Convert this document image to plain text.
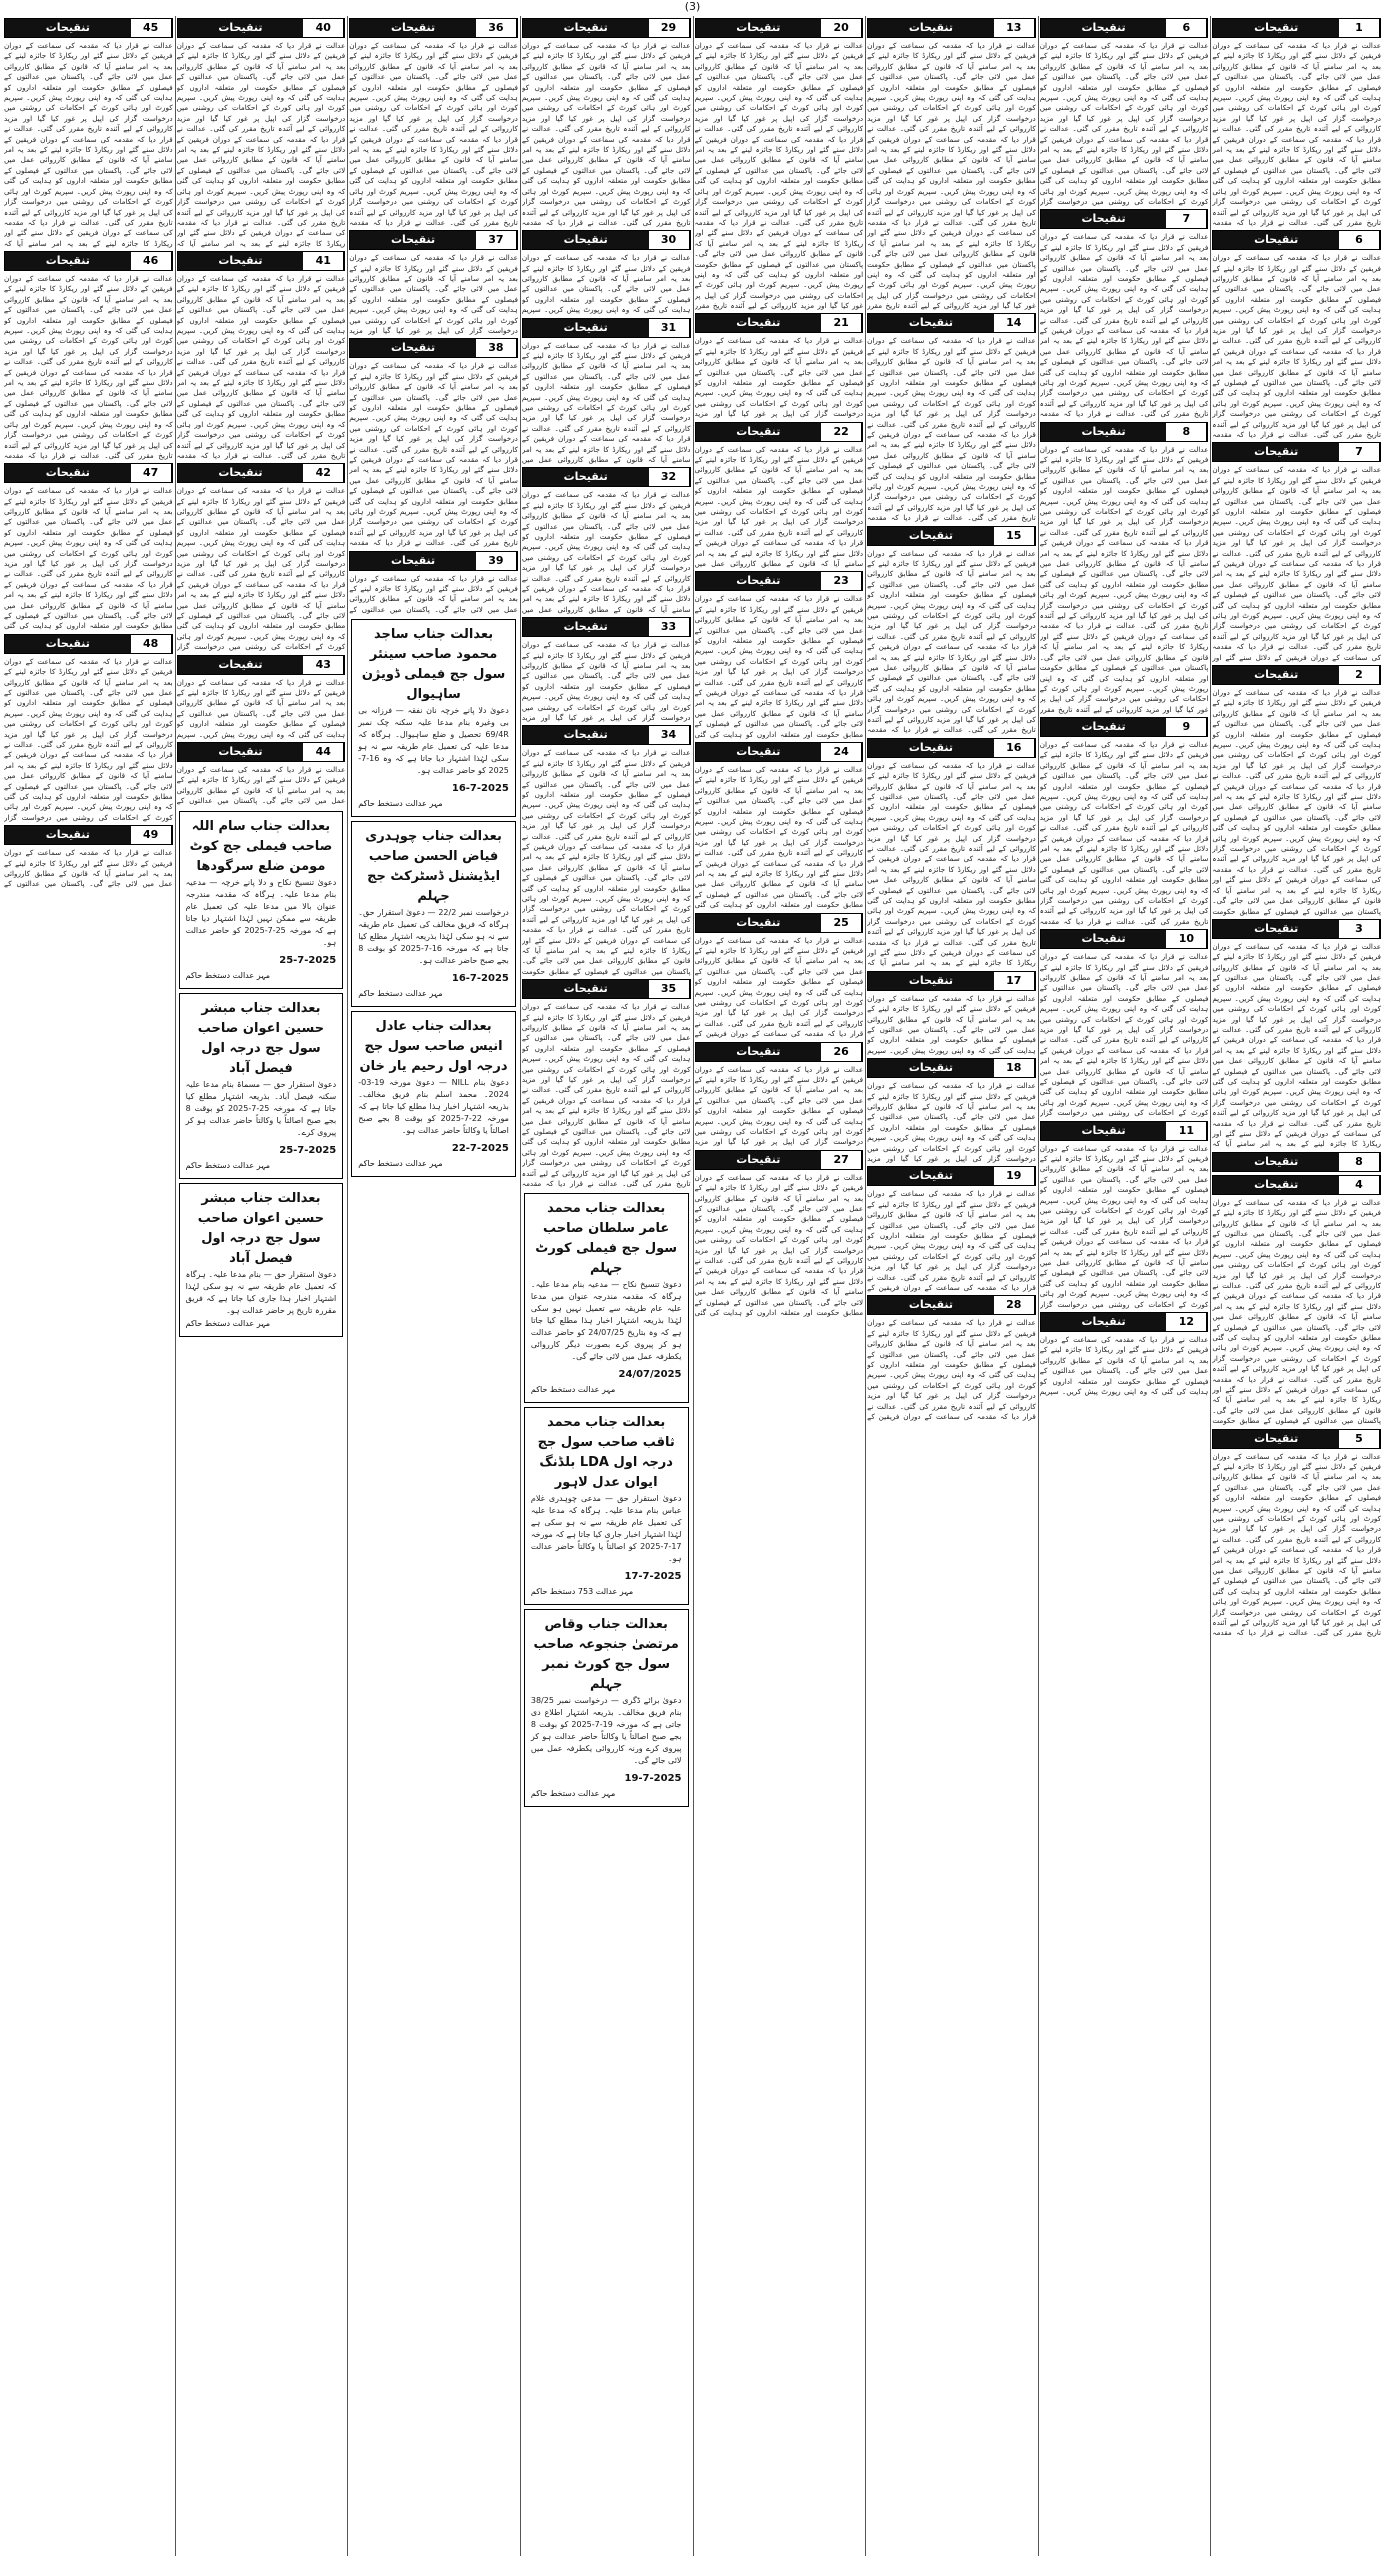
(3)
تنقیحات	1
عدالت نے قرار دیا کہ مقدمہ کی سماعت کے دوران فریقین کے دلائل سنے گئے اور ریکارڈ کا جائزہ لینے کے بعد یہ امر سامنے آیا کہ قانون کے مطابق کارروائی عمل میں لائی جائے گی۔ پاکستان میں عدالتوں کے فیصلوں کے مطابق حکومت اور متعلقہ اداروں کو ہدایت کی گئی کہ وہ اپنی رپورٹ پیش کریں۔ سپریم کورٹ اور ہائی کورٹ کے احکامات کی روشنی میں درخواست گزار کی اپیل پر غور کیا گیا اور مزید کارروائی کے لیے آئندہ تاریخ مقرر کی گئی۔ عدالت نے قرار دیا کہ مقدمہ کی سماعت کے دوران فریقین کے دلائل سنے گئے اور ریکارڈ کا جائزہ لینے کے بعد یہ امر سامنے آیا کہ قانون کے مطابق کارروائی عمل میں لائی جائے گی۔ پاکستان میں عدالتوں کے فیصلوں کے مطابق حکومت اور متعلقہ اداروں کو ہدایت کی گئی کہ وہ اپنی رپورٹ پیش کریں۔ سپریم کورٹ اور ہائی کورٹ کے احکامات کی روشنی میں درخواست گزار کی اپیل پر غور کیا گیا اور مزید کارروائی کے لیے آئندہ تاریخ مقرر کی گئی۔ عدالت نے قرار دیا کہ مقدمہ
تنقیحات	6
عدالت نے قرار دیا کہ مقدمہ کی سماعت کے دوران فریقین کے دلائل سنے گئے اور ریکارڈ کا جائزہ لینے کے بعد یہ امر سامنے آیا کہ قانون کے مطابق کارروائی عمل میں لائی جائے گی۔ پاکستان میں عدالتوں کے فیصلوں کے مطابق حکومت اور متعلقہ اداروں کو ہدایت کی گئی کہ وہ اپنی رپورٹ پیش کریں۔ سپریم کورٹ اور ہائی کورٹ کے احکامات کی روشنی میں درخواست گزار کی اپیل پر غور کیا گیا اور مزید کارروائی کے لیے آئندہ تاریخ مقرر کی گئی۔ عدالت نے قرار دیا کہ مقدمہ کی سماعت کے دوران فریقین کے دلائل سنے گئے اور ریکارڈ کا جائزہ لینے کے بعد یہ امر سامنے آیا کہ قانون کے مطابق کارروائی عمل میں لائی جائے گی۔ پاکستان میں عدالتوں کے فیصلوں کے مطابق حکومت اور متعلقہ اداروں کو ہدایت کی گئی کہ وہ اپنی رپورٹ پیش کریں۔ سپریم کورٹ اور ہائی کورٹ کے احکامات کی روشنی میں درخواست گزار کی اپیل پر غور کیا گیا اور مزید کارروائی کے لیے آئندہ تاریخ مقرر کی گئی۔ عدالت نے قرار دیا کہ مقدمہ
تنقیحات	7
عدالت نے قرار دیا کہ مقدمہ کی سماعت کے دوران فریقین کے دلائل سنے گئے اور ریکارڈ کا جائزہ لینے کے بعد یہ امر سامنے آیا کہ قانون کے مطابق کارروائی عمل میں لائی جائے گی۔ پاکستان میں عدالتوں کے فیصلوں کے مطابق حکومت اور متعلقہ اداروں کو ہدایت کی گئی کہ وہ اپنی رپورٹ پیش کریں۔ سپریم کورٹ اور ہائی کورٹ کے احکامات کی روشنی میں درخواست گزار کی اپیل پر غور کیا گیا اور مزید کارروائی کے لیے آئندہ تاریخ مقرر کی گئی۔ عدالت نے قرار دیا کہ مقدمہ کی سماعت کے دوران فریقین کے دلائل سنے گئے اور ریکارڈ کا جائزہ لینے کے بعد یہ امر سامنے آیا کہ قانون کے مطابق کارروائی عمل میں لائی جائے گی۔ پاکستان میں عدالتوں کے فیصلوں کے مطابق حکومت اور متعلقہ اداروں کو ہدایت کی گئی کہ وہ اپنی رپورٹ پیش کریں۔ سپریم کورٹ اور ہائی کورٹ کے احکامات کی روشنی میں درخواست گزار کی اپیل پر غور کیا گیا اور مزید کارروائی کے لیے آئندہ تاریخ مقرر کی گئی۔ عدالت نے قرار دیا کہ مقدمہ کی سماعت کے دوران فریقین کے دلائل سنے گئے اور
تنقیحات	2
عدالت نے قرار دیا کہ مقدمہ کی سماعت کے دوران فریقین کے دلائل سنے گئے اور ریکارڈ کا جائزہ لینے کے بعد یہ امر سامنے آیا کہ قانون کے مطابق کارروائی عمل میں لائی جائے گی۔ پاکستان میں عدالتوں کے فیصلوں کے مطابق حکومت اور متعلقہ اداروں کو ہدایت کی گئی کہ وہ اپنی رپورٹ پیش کریں۔ سپریم کورٹ اور ہائی کورٹ کے احکامات کی روشنی میں درخواست گزار کی اپیل پر غور کیا گیا اور مزید کارروائی کے لیے آئندہ تاریخ مقرر کی گئی۔ عدالت نے قرار دیا کہ مقدمہ کی سماعت کے دوران فریقین کے دلائل سنے گئے اور ریکارڈ کا جائزہ لینے کے بعد یہ امر سامنے آیا کہ قانون کے مطابق کارروائی عمل میں لائی جائے گی۔ پاکستان میں عدالتوں کے فیصلوں کے مطابق حکومت اور متعلقہ اداروں کو ہدایت کی گئی کہ وہ اپنی رپورٹ پیش کریں۔ سپریم کورٹ اور ہائی کورٹ کے احکامات کی روشنی میں درخواست گزار کی اپیل پر غور کیا گیا اور مزید کارروائی کے لیے آئندہ تاریخ مقرر کی گئی۔ عدالت نے قرار دیا کہ مقدمہ کی سماعت کے دوران فریقین کے دلائل سنے گئے اور ریکارڈ کا جائزہ لینے کے بعد یہ امر سامنے آیا کہ قانون کے مطابق کارروائی عمل میں لائی جائے گی۔ پاکستان میں عدالتوں کے فیصلوں کے مطابق حکومت
تنقیحات	3
عدالت نے قرار دیا کہ مقدمہ کی سماعت کے دوران فریقین کے دلائل سنے گئے اور ریکارڈ کا جائزہ لینے کے بعد یہ امر سامنے آیا کہ قانون کے مطابق کارروائی عمل میں لائی جائے گی۔ پاکستان میں عدالتوں کے فیصلوں کے مطابق حکومت اور متعلقہ اداروں کو ہدایت کی گئی کہ وہ اپنی رپورٹ پیش کریں۔ سپریم کورٹ اور ہائی کورٹ کے احکامات کی روشنی میں درخواست گزار کی اپیل پر غور کیا گیا اور مزید کارروائی کے لیے آئندہ تاریخ مقرر کی گئی۔ عدالت نے قرار دیا کہ مقدمہ کی سماعت کے دوران فریقین کے دلائل سنے گئے اور ریکارڈ کا جائزہ لینے کے بعد یہ امر سامنے آیا کہ قانون کے مطابق کارروائی عمل میں لائی جائے گی۔ پاکستان میں عدالتوں کے فیصلوں کے مطابق حکومت اور متعلقہ اداروں کو ہدایت کی گئی کہ وہ اپنی رپورٹ پیش کریں۔ سپریم کورٹ اور ہائی کورٹ کے احکامات کی روشنی میں درخواست گزار کی اپیل پر غور کیا گیا اور مزید کارروائی کے لیے آئندہ تاریخ مقرر کی گئی۔ عدالت نے قرار دیا کہ مقدمہ کی سماعت کے دوران فریقین کے دلائل سنے گئے اور ریکارڈ کا جائزہ لینے کے بعد یہ امر سامنے آیا کہ
تنقیحات	8
تنقیحات	4
عدالت نے قرار دیا کہ مقدمہ کی سماعت کے دوران فریقین کے دلائل سنے گئے اور ریکارڈ کا جائزہ لینے کے بعد یہ امر سامنے آیا کہ قانون کے مطابق کارروائی عمل میں لائی جائے گی۔ پاکستان میں عدالتوں کے فیصلوں کے مطابق حکومت اور متعلقہ اداروں کو ہدایت کی گئی کہ وہ اپنی رپورٹ پیش کریں۔ سپریم کورٹ اور ہائی کورٹ کے احکامات کی روشنی میں درخواست گزار کی اپیل پر غور کیا گیا اور مزید کارروائی کے لیے آئندہ تاریخ مقرر کی گئی۔ عدالت نے قرار دیا کہ مقدمہ کی سماعت کے دوران فریقین کے دلائل سنے گئے اور ریکارڈ کا جائزہ لینے کے بعد یہ امر سامنے آیا کہ قانون کے مطابق کارروائی عمل میں لائی جائے گی۔ پاکستان میں عدالتوں کے فیصلوں کے مطابق حکومت اور متعلقہ اداروں کو ہدایت کی گئی کہ وہ اپنی رپورٹ پیش کریں۔ سپریم کورٹ اور ہائی کورٹ کے احکامات کی روشنی میں درخواست گزار کی اپیل پر غور کیا گیا اور مزید کارروائی کے لیے آئندہ تاریخ مقرر کی گئی۔ عدالت نے قرار دیا کہ مقدمہ کی سماعت کے دوران فریقین کے دلائل سنے گئے اور ریکارڈ کا جائزہ لینے کے بعد یہ امر سامنے آیا کہ قانون کے مطابق کارروائی عمل میں لائی جائے گی۔ پاکستان میں عدالتوں کے فیصلوں کے مطابق حکومت
تنقیحات	5
عدالت نے قرار دیا کہ مقدمہ کی سماعت کے دوران فریقین کے دلائل سنے گئے اور ریکارڈ کا جائزہ لینے کے بعد یہ امر سامنے آیا کہ قانون کے مطابق کارروائی عمل میں لائی جائے گی۔ پاکستان میں عدالتوں کے فیصلوں کے مطابق حکومت اور متعلقہ اداروں کو ہدایت کی گئی کہ وہ اپنی رپورٹ پیش کریں۔ سپریم کورٹ اور ہائی کورٹ کے احکامات کی روشنی میں درخواست گزار کی اپیل پر غور کیا گیا اور مزید کارروائی کے لیے آئندہ تاریخ مقرر کی گئی۔ عدالت نے قرار دیا کہ مقدمہ کی سماعت کے دوران فریقین کے دلائل سنے گئے اور ریکارڈ کا جائزہ لینے کے بعد یہ امر سامنے آیا کہ قانون کے مطابق کارروائی عمل میں لائی جائے گی۔ پاکستان میں عدالتوں کے فیصلوں کے مطابق حکومت اور متعلقہ اداروں کو ہدایت کی گئی کہ وہ اپنی رپورٹ پیش کریں۔ سپریم کورٹ اور ہائی کورٹ کے احکامات کی روشنی میں درخواست گزار کی اپیل پر غور کیا گیا اور مزید کارروائی کے لیے آئندہ تاریخ مقرر کی گئی۔ عدالت نے قرار دیا کہ مقدمہ
تنقیحات	6
عدالت نے قرار دیا کہ مقدمہ کی سماعت کے دوران فریقین کے دلائل سنے گئے اور ریکارڈ کا جائزہ لینے کے بعد یہ امر سامنے آیا کہ قانون کے مطابق کارروائی عمل میں لائی جائے گی۔ پاکستان میں عدالتوں کے فیصلوں کے مطابق حکومت اور متعلقہ اداروں کو ہدایت کی گئی کہ وہ اپنی رپورٹ پیش کریں۔ سپریم کورٹ اور ہائی کورٹ کے احکامات کی روشنی میں درخواست گزار کی اپیل پر غور کیا گیا اور مزید کارروائی کے لیے آئندہ تاریخ مقرر کی گئی۔ عدالت نے قرار دیا کہ مقدمہ کی سماعت کے دوران فریقین کے دلائل سنے گئے اور ریکارڈ کا جائزہ لینے کے بعد یہ امر سامنے آیا کہ قانون کے مطابق کارروائی عمل میں لائی جائے گی۔ پاکستان میں عدالتوں کے فیصلوں کے مطابق حکومت اور متعلقہ اداروں کو ہدایت کی گئی کہ وہ اپنی رپورٹ پیش کریں۔ سپریم کورٹ اور ہائی کورٹ کے احکامات کی روشنی میں درخواست گزار
تنقیحات	7
عدالت نے قرار دیا کہ مقدمہ کی سماعت کے دوران فریقین کے دلائل سنے گئے اور ریکارڈ کا جائزہ لینے کے بعد یہ امر سامنے آیا کہ قانون کے مطابق کارروائی عمل میں لائی جائے گی۔ پاکستان میں عدالتوں کے فیصلوں کے مطابق حکومت اور متعلقہ اداروں کو ہدایت کی گئی کہ وہ اپنی رپورٹ پیش کریں۔ سپریم کورٹ اور ہائی کورٹ کے احکامات کی روشنی میں درخواست گزار کی اپیل پر غور کیا گیا اور مزید کارروائی کے لیے آئندہ تاریخ مقرر کی گئی۔ عدالت نے قرار دیا کہ مقدمہ کی سماعت کے دوران فریقین کے دلائل سنے گئے اور ریکارڈ کا جائزہ لینے کے بعد یہ امر سامنے آیا کہ قانون کے مطابق کارروائی عمل میں لائی جائے گی۔ پاکستان میں عدالتوں کے فیصلوں کے مطابق حکومت اور متعلقہ اداروں کو ہدایت کی گئی کہ وہ اپنی رپورٹ پیش کریں۔ سپریم کورٹ اور ہائی کورٹ کے احکامات کی روشنی میں درخواست گزار کی اپیل پر غور کیا گیا اور مزید کارروائی کے لیے آئندہ تاریخ مقرر کی گئی۔ عدالت نے قرار دیا کہ مقدمہ
تنقیحات	8
عدالت نے قرار دیا کہ مقدمہ کی سماعت کے دوران فریقین کے دلائل سنے گئے اور ریکارڈ کا جائزہ لینے کے بعد یہ امر سامنے آیا کہ قانون کے مطابق کارروائی عمل میں لائی جائے گی۔ پاکستان میں عدالتوں کے فیصلوں کے مطابق حکومت اور متعلقہ اداروں کو ہدایت کی گئی کہ وہ اپنی رپورٹ پیش کریں۔ سپریم کورٹ اور ہائی کورٹ کے احکامات کی روشنی میں درخواست گزار کی اپیل پر غور کیا گیا اور مزید کارروائی کے لیے آئندہ تاریخ مقرر کی گئی۔ عدالت نے قرار دیا کہ مقدمہ کی سماعت کے دوران فریقین کے دلائل سنے گئے اور ریکارڈ کا جائزہ لینے کے بعد یہ امر سامنے آیا کہ قانون کے مطابق کارروائی عمل میں لائی جائے گی۔ پاکستان میں عدالتوں کے فیصلوں کے مطابق حکومت اور متعلقہ اداروں کو ہدایت کی گئی کہ وہ اپنی رپورٹ پیش کریں۔ سپریم کورٹ اور ہائی کورٹ کے احکامات کی روشنی میں درخواست گزار کی اپیل پر غور کیا گیا اور مزید کارروائی کے لیے آئندہ تاریخ مقرر کی گئی۔ عدالت نے قرار دیا کہ مقدمہ کی سماعت کے دوران فریقین کے دلائل سنے گئے اور ریکارڈ کا جائزہ لینے کے بعد یہ امر سامنے آیا کہ قانون کے مطابق کارروائی عمل میں لائی جائے گی۔ پاکستان میں عدالتوں کے فیصلوں کے مطابق حکومت اور متعلقہ اداروں کو ہدایت کی گئی کہ وہ اپنی رپورٹ پیش کریں۔ سپریم کورٹ اور ہائی کورٹ کے احکامات کی روشنی میں درخواست گزار کی اپیل پر غور کیا گیا اور مزید کارروائی کے لیے آئندہ تاریخ مقرر
تنقیحات	9
عدالت نے قرار دیا کہ مقدمہ کی سماعت کے دوران فریقین کے دلائل سنے گئے اور ریکارڈ کا جائزہ لینے کے بعد یہ امر سامنے آیا کہ قانون کے مطابق کارروائی عمل میں لائی جائے گی۔ پاکستان میں عدالتوں کے فیصلوں کے مطابق حکومت اور متعلقہ اداروں کو ہدایت کی گئی کہ وہ اپنی رپورٹ پیش کریں۔ سپریم کورٹ اور ہائی کورٹ کے احکامات کی روشنی میں درخواست گزار کی اپیل پر غور کیا گیا اور مزید کارروائی کے لیے آئندہ تاریخ مقرر کی گئی۔ عدالت نے قرار دیا کہ مقدمہ کی سماعت کے دوران فریقین کے دلائل سنے گئے اور ریکارڈ کا جائزہ لینے کے بعد یہ امر سامنے آیا کہ قانون کے مطابق کارروائی عمل میں لائی جائے گی۔ پاکستان میں عدالتوں کے فیصلوں کے مطابق حکومت اور متعلقہ اداروں کو ہدایت کی گئی کہ وہ اپنی رپورٹ پیش کریں۔ سپریم کورٹ اور ہائی کورٹ کے احکامات کی روشنی میں درخواست گزار کی اپیل پر غور کیا گیا اور مزید کارروائی کے لیے آئندہ تاریخ مقرر کی گئی۔ عدالت نے قرار دیا کہ مقدمہ
تنقیحات	10
عدالت نے قرار دیا کہ مقدمہ کی سماعت کے دوران فریقین کے دلائل سنے گئے اور ریکارڈ کا جائزہ لینے کے بعد یہ امر سامنے آیا کہ قانون کے مطابق کارروائی عمل میں لائی جائے گی۔ پاکستان میں عدالتوں کے فیصلوں کے مطابق حکومت اور متعلقہ اداروں کو ہدایت کی گئی کہ وہ اپنی رپورٹ پیش کریں۔ سپریم کورٹ اور ہائی کورٹ کے احکامات کی روشنی میں درخواست گزار کی اپیل پر غور کیا گیا اور مزید کارروائی کے لیے آئندہ تاریخ مقرر کی گئی۔ عدالت نے قرار دیا کہ مقدمہ کی سماعت کے دوران فریقین کے دلائل سنے گئے اور ریکارڈ کا جائزہ لینے کے بعد یہ امر سامنے آیا کہ قانون کے مطابق کارروائی عمل میں لائی جائے گی۔ پاکستان میں عدالتوں کے فیصلوں کے مطابق حکومت اور متعلقہ اداروں کو ہدایت کی گئی کہ وہ اپنی رپورٹ پیش کریں۔ سپریم کورٹ اور ہائی کورٹ کے احکامات کی روشنی میں درخواست گزار
تنقیحات	11
عدالت نے قرار دیا کہ مقدمہ کی سماعت کے دوران فریقین کے دلائل سنے گئے اور ریکارڈ کا جائزہ لینے کے بعد یہ امر سامنے آیا کہ قانون کے مطابق کارروائی عمل میں لائی جائے گی۔ پاکستان میں عدالتوں کے فیصلوں کے مطابق حکومت اور متعلقہ اداروں کو ہدایت کی گئی کہ وہ اپنی رپورٹ پیش کریں۔ سپریم کورٹ اور ہائی کورٹ کے احکامات کی روشنی میں درخواست گزار کی اپیل پر غور کیا گیا اور مزید کارروائی کے لیے آئندہ تاریخ مقرر کی گئی۔ عدالت نے قرار دیا کہ مقدمہ کی سماعت کے دوران فریقین کے دلائل سنے گئے اور ریکارڈ کا جائزہ لینے کے بعد یہ امر سامنے آیا کہ قانون کے مطابق کارروائی عمل میں لائی جائے گی۔ پاکستان میں عدالتوں کے فیصلوں کے مطابق حکومت اور متعلقہ اداروں کو ہدایت کی گئی کہ وہ اپنی رپورٹ پیش کریں۔ سپریم کورٹ اور ہائی کورٹ کے احکامات کی روشنی میں درخواست گزار
تنقیحات	12
عدالت نے قرار دیا کہ مقدمہ کی سماعت کے دوران فریقین کے دلائل سنے گئے اور ریکارڈ کا جائزہ لینے کے بعد یہ امر سامنے آیا کہ قانون کے مطابق کارروائی عمل میں لائی جائے گی۔ پاکستان میں عدالتوں کے فیصلوں کے مطابق حکومت اور متعلقہ اداروں کو ہدایت کی گئی کہ وہ اپنی رپورٹ پیش کریں۔ سپریم
تنقیحات	13
عدالت نے قرار دیا کہ مقدمہ کی سماعت کے دوران فریقین کے دلائل سنے گئے اور ریکارڈ کا جائزہ لینے کے بعد یہ امر سامنے آیا کہ قانون کے مطابق کارروائی عمل میں لائی جائے گی۔ پاکستان میں عدالتوں کے فیصلوں کے مطابق حکومت اور متعلقہ اداروں کو ہدایت کی گئی کہ وہ اپنی رپورٹ پیش کریں۔ سپریم کورٹ اور ہائی کورٹ کے احکامات کی روشنی میں درخواست گزار کی اپیل پر غور کیا گیا اور مزید کارروائی کے لیے آئندہ تاریخ مقرر کی گئی۔ عدالت نے قرار دیا کہ مقدمہ کی سماعت کے دوران فریقین کے دلائل سنے گئے اور ریکارڈ کا جائزہ لینے کے بعد یہ امر سامنے آیا کہ قانون کے مطابق کارروائی عمل میں لائی جائے گی۔ پاکستان میں عدالتوں کے فیصلوں کے مطابق حکومت اور متعلقہ اداروں کو ہدایت کی گئی کہ وہ اپنی رپورٹ پیش کریں۔ سپریم کورٹ اور ہائی کورٹ کے احکامات کی روشنی میں درخواست گزار کی اپیل پر غور کیا گیا اور مزید کارروائی کے لیے آئندہ تاریخ مقرر کی گئی۔ عدالت نے قرار دیا کہ مقدمہ کی سماعت کے دوران فریقین کے دلائل سنے گئے اور ریکارڈ کا جائزہ لینے کے بعد یہ امر سامنے آیا کہ قانون کے مطابق کارروائی عمل میں لائی جائے گی۔ پاکستان میں عدالتوں کے فیصلوں کے مطابق حکومت اور متعلقہ اداروں کو ہدایت کی گئی کہ وہ اپنی رپورٹ پیش کریں۔ سپریم کورٹ اور ہائی کورٹ کے احکامات کی روشنی میں درخواست گزار کی اپیل پر غور کیا گیا اور مزید کارروائی کے لیے آئندہ تاریخ مقرر
تنقیحات	14
عدالت نے قرار دیا کہ مقدمہ کی سماعت کے دوران فریقین کے دلائل سنے گئے اور ریکارڈ کا جائزہ لینے کے بعد یہ امر سامنے آیا کہ قانون کے مطابق کارروائی عمل میں لائی جائے گی۔ پاکستان میں عدالتوں کے فیصلوں کے مطابق حکومت اور متعلقہ اداروں کو ہدایت کی گئی کہ وہ اپنی رپورٹ پیش کریں۔ سپریم کورٹ اور ہائی کورٹ کے احکامات کی روشنی میں درخواست گزار کی اپیل پر غور کیا گیا اور مزید کارروائی کے لیے آئندہ تاریخ مقرر کی گئی۔ عدالت نے قرار دیا کہ مقدمہ کی سماعت کے دوران فریقین کے دلائل سنے گئے اور ریکارڈ کا جائزہ لینے کے بعد یہ امر سامنے آیا کہ قانون کے مطابق کارروائی عمل میں لائی جائے گی۔ پاکستان میں عدالتوں کے فیصلوں کے مطابق حکومت اور متعلقہ اداروں کو ہدایت کی گئی کہ وہ اپنی رپورٹ پیش کریں۔ سپریم کورٹ اور ہائی کورٹ کے احکامات کی روشنی میں درخواست گزار کی اپیل پر غور کیا گیا اور مزید کارروائی کے لیے آئندہ تاریخ مقرر کی گئی۔ عدالت نے قرار دیا کہ مقدمہ
تنقیحات	15
عدالت نے قرار دیا کہ مقدمہ کی سماعت کے دوران فریقین کے دلائل سنے گئے اور ریکارڈ کا جائزہ لینے کے بعد یہ امر سامنے آیا کہ قانون کے مطابق کارروائی عمل میں لائی جائے گی۔ پاکستان میں عدالتوں کے فیصلوں کے مطابق حکومت اور متعلقہ اداروں کو ہدایت کی گئی کہ وہ اپنی رپورٹ پیش کریں۔ سپریم کورٹ اور ہائی کورٹ کے احکامات کی روشنی میں درخواست گزار کی اپیل پر غور کیا گیا اور مزید کارروائی کے لیے آئندہ تاریخ مقرر کی گئی۔ عدالت نے قرار دیا کہ مقدمہ کی سماعت کے دوران فریقین کے دلائل سنے گئے اور ریکارڈ کا جائزہ لینے کے بعد یہ امر سامنے آیا کہ قانون کے مطابق کارروائی عمل میں لائی جائے گی۔ پاکستان میں عدالتوں کے فیصلوں کے مطابق حکومت اور متعلقہ اداروں کو ہدایت کی گئی کہ وہ اپنی رپورٹ پیش کریں۔ سپریم کورٹ اور ہائی کورٹ کے احکامات کی روشنی میں درخواست گزار کی اپیل پر غور کیا گیا اور مزید کارروائی کے لیے آئندہ تاریخ مقرر کی گئی۔ عدالت نے قرار دیا کہ مقدمہ
تنقیحات	16
عدالت نے قرار دیا کہ مقدمہ کی سماعت کے دوران فریقین کے دلائل سنے گئے اور ریکارڈ کا جائزہ لینے کے بعد یہ امر سامنے آیا کہ قانون کے مطابق کارروائی عمل میں لائی جائے گی۔ پاکستان میں عدالتوں کے فیصلوں کے مطابق حکومت اور متعلقہ اداروں کو ہدایت کی گئی کہ وہ اپنی رپورٹ پیش کریں۔ سپریم کورٹ اور ہائی کورٹ کے احکامات کی روشنی میں درخواست گزار کی اپیل پر غور کیا گیا اور مزید کارروائی کے لیے آئندہ تاریخ مقرر کی گئی۔ عدالت نے قرار دیا کہ مقدمہ کی سماعت کے دوران فریقین کے دلائل سنے گئے اور ریکارڈ کا جائزہ لینے کے بعد یہ امر سامنے آیا کہ قانون کے مطابق کارروائی عمل میں لائی جائے گی۔ پاکستان میں عدالتوں کے فیصلوں کے مطابق حکومت اور متعلقہ اداروں کو ہدایت کی گئی کہ وہ اپنی رپورٹ پیش کریں۔ سپریم کورٹ اور ہائی کورٹ کے احکامات کی روشنی میں درخواست گزار کی اپیل پر غور کیا گیا اور مزید کارروائی کے لیے آئندہ تاریخ مقرر کی گئی۔ عدالت نے قرار دیا کہ مقدمہ کی سماعت کے دوران فریقین کے دلائل سنے گئے اور ریکارڈ کا جائزہ لینے کے بعد یہ امر سامنے آیا کہ
تنقیحات	17
عدالت نے قرار دیا کہ مقدمہ کی سماعت کے دوران فریقین کے دلائل سنے گئے اور ریکارڈ کا جائزہ لینے کے بعد یہ امر سامنے آیا کہ قانون کے مطابق کارروائی عمل میں لائی جائے گی۔ پاکستان میں عدالتوں کے فیصلوں کے مطابق حکومت اور متعلقہ اداروں کو ہدایت کی گئی کہ وہ اپنی رپورٹ پیش کریں۔ سپریم
تنقیحات	18
عدالت نے قرار دیا کہ مقدمہ کی سماعت کے دوران فریقین کے دلائل سنے گئے اور ریکارڈ کا جائزہ لینے کے بعد یہ امر سامنے آیا کہ قانون کے مطابق کارروائی عمل میں لائی جائے گی۔ پاکستان میں عدالتوں کے فیصلوں کے مطابق حکومت اور متعلقہ اداروں کو ہدایت کی گئی کہ وہ اپنی رپورٹ پیش کریں۔ سپریم کورٹ اور ہائی کورٹ کے احکامات کی روشنی میں درخواست گزار کی اپیل پر غور کیا گیا اور مزید
تنقیحات	19
عدالت نے قرار دیا کہ مقدمہ کی سماعت کے دوران فریقین کے دلائل سنے گئے اور ریکارڈ کا جائزہ لینے کے بعد یہ امر سامنے آیا کہ قانون کے مطابق کارروائی عمل میں لائی جائے گی۔ پاکستان میں عدالتوں کے فیصلوں کے مطابق حکومت اور متعلقہ اداروں کو ہدایت کی گئی کہ وہ اپنی رپورٹ پیش کریں۔ سپریم کورٹ اور ہائی کورٹ کے احکامات کی روشنی میں درخواست گزار کی اپیل پر غور کیا گیا اور مزید کارروائی کے لیے آئندہ تاریخ مقرر کی گئی۔ عدالت نے قرار دیا کہ مقدمہ کی سماعت کے دوران فریقین کے
تنقیحات	28
عدالت نے قرار دیا کہ مقدمہ کی سماعت کے دوران فریقین کے دلائل سنے گئے اور ریکارڈ کا جائزہ لینے کے بعد یہ امر سامنے آیا کہ قانون کے مطابق کارروائی عمل میں لائی جائے گی۔ پاکستان میں عدالتوں کے فیصلوں کے مطابق حکومت اور متعلقہ اداروں کو ہدایت کی گئی کہ وہ اپنی رپورٹ پیش کریں۔ سپریم کورٹ اور ہائی کورٹ کے احکامات کی روشنی میں درخواست گزار کی اپیل پر غور کیا گیا اور مزید کارروائی کے لیے آئندہ تاریخ مقرر کی گئی۔ عدالت نے قرار دیا کہ مقدمہ کی سماعت کے دوران فریقین کے
تنقیحات	20
عدالت نے قرار دیا کہ مقدمہ کی سماعت کے دوران فریقین کے دلائل سنے گئے اور ریکارڈ کا جائزہ لینے کے بعد یہ امر سامنے آیا کہ قانون کے مطابق کارروائی عمل میں لائی جائے گی۔ پاکستان میں عدالتوں کے فیصلوں کے مطابق حکومت اور متعلقہ اداروں کو ہدایت کی گئی کہ وہ اپنی رپورٹ پیش کریں۔ سپریم کورٹ اور ہائی کورٹ کے احکامات کی روشنی میں درخواست گزار کی اپیل پر غور کیا گیا اور مزید کارروائی کے لیے آئندہ تاریخ مقرر کی گئی۔ عدالت نے قرار دیا کہ مقدمہ کی سماعت کے دوران فریقین کے دلائل سنے گئے اور ریکارڈ کا جائزہ لینے کے بعد یہ امر سامنے آیا کہ قانون کے مطابق کارروائی عمل میں لائی جائے گی۔ پاکستان میں عدالتوں کے فیصلوں کے مطابق حکومت اور متعلقہ اداروں کو ہدایت کی گئی کہ وہ اپنی رپورٹ پیش کریں۔ سپریم کورٹ اور ہائی کورٹ کے احکامات کی روشنی میں درخواست گزار کی اپیل پر غور کیا گیا اور مزید کارروائی کے لیے آئندہ تاریخ مقرر کی گئی۔ عدالت نے قرار دیا کہ مقدمہ کی سماعت کے دوران فریقین کے دلائل سنے گئے اور ریکارڈ کا جائزہ لینے کے بعد یہ امر سامنے آیا کہ قانون کے مطابق کارروائی عمل میں لائی جائے گی۔ پاکستان میں عدالتوں کے فیصلوں کے مطابق حکومت اور متعلقہ اداروں کو ہدایت کی گئی کہ وہ اپنی رپورٹ پیش کریں۔ سپریم کورٹ اور ہائی کورٹ کے احکامات کی روشنی میں درخواست گزار کی اپیل پر غور کیا گیا اور مزید کارروائی کے لیے آئندہ تاریخ مقرر
تنقیحات	21
عدالت نے قرار دیا کہ مقدمہ کی سماعت کے دوران فریقین کے دلائل سنے گئے اور ریکارڈ کا جائزہ لینے کے بعد یہ امر سامنے آیا کہ قانون کے مطابق کارروائی عمل میں لائی جائے گی۔ پاکستان میں عدالتوں کے فیصلوں کے مطابق حکومت اور متعلقہ اداروں کو ہدایت کی گئی کہ وہ اپنی رپورٹ پیش کریں۔ سپریم کورٹ اور ہائی کورٹ کے احکامات کی روشنی میں درخواست گزار کی اپیل پر غور کیا گیا اور مزید
تنقیحات	22
عدالت نے قرار دیا کہ مقدمہ کی سماعت کے دوران فریقین کے دلائل سنے گئے اور ریکارڈ کا جائزہ لینے کے بعد یہ امر سامنے آیا کہ قانون کے مطابق کارروائی عمل میں لائی جائے گی۔ پاکستان میں عدالتوں کے فیصلوں کے مطابق حکومت اور متعلقہ اداروں کو ہدایت کی گئی کہ وہ اپنی رپورٹ پیش کریں۔ سپریم کورٹ اور ہائی کورٹ کے احکامات کی روشنی میں درخواست گزار کی اپیل پر غور کیا گیا اور مزید کارروائی کے لیے آئندہ تاریخ مقرر کی گئی۔ عدالت نے قرار دیا کہ مقدمہ کی سماعت کے دوران فریقین کے دلائل سنے گئے اور ریکارڈ کا جائزہ لینے کے بعد یہ امر سامنے آیا کہ قانون کے مطابق کارروائی عمل میں
تنقیحات	23
عدالت نے قرار دیا کہ مقدمہ کی سماعت کے دوران فریقین کے دلائل سنے گئے اور ریکارڈ کا جائزہ لینے کے بعد یہ امر سامنے آیا کہ قانون کے مطابق کارروائی عمل میں لائی جائے گی۔ پاکستان میں عدالتوں کے فیصلوں کے مطابق حکومت اور متعلقہ اداروں کو ہدایت کی گئی کہ وہ اپنی رپورٹ پیش کریں۔ سپریم کورٹ اور ہائی کورٹ کے احکامات کی روشنی میں درخواست گزار کی اپیل پر غور کیا گیا اور مزید کارروائی کے لیے آئندہ تاریخ مقرر کی گئی۔ عدالت نے قرار دیا کہ مقدمہ کی سماعت کے دوران فریقین کے دلائل سنے گئے اور ریکارڈ کا جائزہ لینے کے بعد یہ امر سامنے آیا کہ قانون کے مطابق کارروائی عمل میں لائی جائے گی۔ پاکستان میں عدالتوں کے فیصلوں کے مطابق حکومت اور متعلقہ اداروں کو ہدایت کی گئی
تنقیحات	24
عدالت نے قرار دیا کہ مقدمہ کی سماعت کے دوران فریقین کے دلائل سنے گئے اور ریکارڈ کا جائزہ لینے کے بعد یہ امر سامنے آیا کہ قانون کے مطابق کارروائی عمل میں لائی جائے گی۔ پاکستان میں عدالتوں کے فیصلوں کے مطابق حکومت اور متعلقہ اداروں کو ہدایت کی گئی کہ وہ اپنی رپورٹ پیش کریں۔ سپریم کورٹ اور ہائی کورٹ کے احکامات کی روشنی میں درخواست گزار کی اپیل پر غور کیا گیا اور مزید کارروائی کے لیے آئندہ تاریخ مقرر کی گئی۔ عدالت نے قرار دیا کہ مقدمہ کی سماعت کے دوران فریقین کے دلائل سنے گئے اور ریکارڈ کا جائزہ لینے کے بعد یہ امر سامنے آیا کہ قانون کے مطابق کارروائی عمل میں لائی جائے گی۔ پاکستان میں عدالتوں کے فیصلوں کے مطابق حکومت اور متعلقہ اداروں کو ہدایت کی گئی
تنقیحات	25
عدالت نے قرار دیا کہ مقدمہ کی سماعت کے دوران فریقین کے دلائل سنے گئے اور ریکارڈ کا جائزہ لینے کے بعد یہ امر سامنے آیا کہ قانون کے مطابق کارروائی عمل میں لائی جائے گی۔ پاکستان میں عدالتوں کے فیصلوں کے مطابق حکومت اور متعلقہ اداروں کو ہدایت کی گئی کہ وہ اپنی رپورٹ پیش کریں۔ سپریم کورٹ اور ہائی کورٹ کے احکامات کی روشنی میں درخواست گزار کی اپیل پر غور کیا گیا اور مزید کارروائی کے لیے آئندہ تاریخ مقرر کی گئی۔ عدالت نے قرار دیا کہ مقدمہ کی سماعت کے دوران فریقین کے
تنقیحات	26
عدالت نے قرار دیا کہ مقدمہ کی سماعت کے دوران فریقین کے دلائل سنے گئے اور ریکارڈ کا جائزہ لینے کے بعد یہ امر سامنے آیا کہ قانون کے مطابق کارروائی عمل میں لائی جائے گی۔ پاکستان میں عدالتوں کے فیصلوں کے مطابق حکومت اور متعلقہ اداروں کو ہدایت کی گئی کہ وہ اپنی رپورٹ پیش کریں۔ سپریم کورٹ اور ہائی کورٹ کے احکامات کی روشنی میں درخواست گزار کی اپیل پر غور کیا گیا اور مزید
تنقیحات	27
عدالت نے قرار دیا کہ مقدمہ کی سماعت کے دوران فریقین کے دلائل سنے گئے اور ریکارڈ کا جائزہ لینے کے بعد یہ امر سامنے آیا کہ قانون کے مطابق کارروائی عمل میں لائی جائے گی۔ پاکستان میں عدالتوں کے فیصلوں کے مطابق حکومت اور متعلقہ اداروں کو ہدایت کی گئی کہ وہ اپنی رپورٹ پیش کریں۔ سپریم کورٹ اور ہائی کورٹ کے احکامات کی روشنی میں درخواست گزار کی اپیل پر غور کیا گیا اور مزید کارروائی کے لیے آئندہ تاریخ مقرر کی گئی۔ عدالت نے قرار دیا کہ مقدمہ کی سماعت کے دوران فریقین کے دلائل سنے گئے اور ریکارڈ کا جائزہ لینے کے بعد یہ امر سامنے آیا کہ قانون کے مطابق کارروائی عمل میں لائی جائے گی۔ پاکستان میں عدالتوں کے فیصلوں کے مطابق حکومت اور متعلقہ اداروں کو ہدایت کی گئی
تنقیحات	29
عدالت نے قرار دیا کہ مقدمہ کی سماعت کے دوران فریقین کے دلائل سنے گئے اور ریکارڈ کا جائزہ لینے کے بعد یہ امر سامنے آیا کہ قانون کے مطابق کارروائی عمل میں لائی جائے گی۔ پاکستان میں عدالتوں کے فیصلوں کے مطابق حکومت اور متعلقہ اداروں کو ہدایت کی گئی کہ وہ اپنی رپورٹ پیش کریں۔ سپریم کورٹ اور ہائی کورٹ کے احکامات کی روشنی میں درخواست گزار کی اپیل پر غور کیا گیا اور مزید کارروائی کے لیے آئندہ تاریخ مقرر کی گئی۔ عدالت نے قرار دیا کہ مقدمہ کی سماعت کے دوران فریقین کے دلائل سنے گئے اور ریکارڈ کا جائزہ لینے کے بعد یہ امر سامنے آیا کہ قانون کے مطابق کارروائی عمل میں لائی جائے گی۔ پاکستان میں عدالتوں کے فیصلوں کے مطابق حکومت اور متعلقہ اداروں کو ہدایت کی گئی کہ وہ اپنی رپورٹ پیش کریں۔ سپریم کورٹ اور ہائی کورٹ کے احکامات کی روشنی میں درخواست گزار کی اپیل پر غور کیا گیا اور مزید کارروائی کے لیے آئندہ تاریخ مقرر کی گئی۔ عدالت نے قرار دیا کہ مقدمہ
تنقیحات	30
عدالت نے قرار دیا کہ مقدمہ کی سماعت کے دوران فریقین کے دلائل سنے گئے اور ریکارڈ کا جائزہ لینے کے بعد یہ امر سامنے آیا کہ قانون کے مطابق کارروائی عمل میں لائی جائے گی۔ پاکستان میں عدالتوں کے فیصلوں کے مطابق حکومت اور متعلقہ اداروں کو ہدایت کی گئی کہ وہ اپنی رپورٹ پیش کریں۔ سپریم
تنقیحات	31
عدالت نے قرار دیا کہ مقدمہ کی سماعت کے دوران فریقین کے دلائل سنے گئے اور ریکارڈ کا جائزہ لینے کے بعد یہ امر سامنے آیا کہ قانون کے مطابق کارروائی عمل میں لائی جائے گی۔ پاکستان میں عدالتوں کے فیصلوں کے مطابق حکومت اور متعلقہ اداروں کو ہدایت کی گئی کہ وہ اپنی رپورٹ پیش کریں۔ سپریم کورٹ اور ہائی کورٹ کے احکامات کی روشنی میں درخواست گزار کی اپیل پر غور کیا گیا اور مزید کارروائی کے لیے آئندہ تاریخ مقرر کی گئی۔ عدالت نے قرار دیا کہ مقدمہ کی سماعت کے دوران فریقین کے دلائل سنے گئے اور ریکارڈ کا جائزہ لینے کے بعد یہ امر سامنے آیا کہ قانون کے مطابق کارروائی عمل میں
تنقیحات	32
عدالت نے قرار دیا کہ مقدمہ کی سماعت کے دوران فریقین کے دلائل سنے گئے اور ریکارڈ کا جائزہ لینے کے بعد یہ امر سامنے آیا کہ قانون کے مطابق کارروائی عمل میں لائی جائے گی۔ پاکستان میں عدالتوں کے فیصلوں کے مطابق حکومت اور متعلقہ اداروں کو ہدایت کی گئی کہ وہ اپنی رپورٹ پیش کریں۔ سپریم کورٹ اور ہائی کورٹ کے احکامات کی روشنی میں درخواست گزار کی اپیل پر غور کیا گیا اور مزید کارروائی کے لیے آئندہ تاریخ مقرر کی گئی۔ عدالت نے قرار دیا کہ مقدمہ کی سماعت کے دوران فریقین کے دلائل سنے گئے اور ریکارڈ کا جائزہ لینے کے بعد یہ امر سامنے آیا کہ قانون کے مطابق کارروائی عمل میں
تنقیحات	33
عدالت نے قرار دیا کہ مقدمہ کی سماعت کے دوران فریقین کے دلائل سنے گئے اور ریکارڈ کا جائزہ لینے کے بعد یہ امر سامنے آیا کہ قانون کے مطابق کارروائی عمل میں لائی جائے گی۔ پاکستان میں عدالتوں کے فیصلوں کے مطابق حکومت اور متعلقہ اداروں کو ہدایت کی گئی کہ وہ اپنی رپورٹ پیش کریں۔ سپریم کورٹ اور ہائی کورٹ کے احکامات کی روشنی میں درخواست گزار کی اپیل پر غور کیا گیا اور مزید
تنقیحات	34
عدالت نے قرار دیا کہ مقدمہ کی سماعت کے دوران فریقین کے دلائل سنے گئے اور ریکارڈ کا جائزہ لینے کے بعد یہ امر سامنے آیا کہ قانون کے مطابق کارروائی عمل میں لائی جائے گی۔ پاکستان میں عدالتوں کے فیصلوں کے مطابق حکومت اور متعلقہ اداروں کو ہدایت کی گئی کہ وہ اپنی رپورٹ پیش کریں۔ سپریم کورٹ اور ہائی کورٹ کے احکامات کی روشنی میں درخواست گزار کی اپیل پر غور کیا گیا اور مزید کارروائی کے لیے آئندہ تاریخ مقرر کی گئی۔ عدالت نے قرار دیا کہ مقدمہ کی سماعت کے دوران فریقین کے دلائل سنے گئے اور ریکارڈ کا جائزہ لینے کے بعد یہ امر سامنے آیا کہ قانون کے مطابق کارروائی عمل میں لائی جائے گی۔ پاکستان میں عدالتوں کے فیصلوں کے مطابق حکومت اور متعلقہ اداروں کو ہدایت کی گئی کہ وہ اپنی رپورٹ پیش کریں۔ سپریم کورٹ اور ہائی کورٹ کے احکامات کی روشنی میں درخواست گزار کی اپیل پر غور کیا گیا اور مزید کارروائی کے لیے آئندہ تاریخ مقرر کی گئی۔ عدالت نے قرار دیا کہ مقدمہ کی سماعت کے دوران فریقین کے دلائل سنے گئے اور ریکارڈ کا جائزہ لینے کے بعد یہ امر سامنے آیا کہ قانون کے مطابق کارروائی عمل میں لائی جائے گی۔ پاکستان میں عدالتوں کے فیصلوں کے مطابق حکومت
تنقیحات	35
عدالت نے قرار دیا کہ مقدمہ کی سماعت کے دوران فریقین کے دلائل سنے گئے اور ریکارڈ کا جائزہ لینے کے بعد یہ امر سامنے آیا کہ قانون کے مطابق کارروائی عمل میں لائی جائے گی۔ پاکستان میں عدالتوں کے فیصلوں کے مطابق حکومت اور متعلقہ اداروں کو ہدایت کی گئی کہ وہ اپنی رپورٹ پیش کریں۔ سپریم کورٹ اور ہائی کورٹ کے احکامات کی روشنی میں درخواست گزار کی اپیل پر غور کیا گیا اور مزید کارروائی کے لیے آئندہ تاریخ مقرر کی گئی۔ عدالت نے قرار دیا کہ مقدمہ کی سماعت کے دوران فریقین کے دلائل سنے گئے اور ریکارڈ کا جائزہ لینے کے بعد یہ امر سامنے آیا کہ قانون کے مطابق کارروائی عمل میں لائی جائے گی۔ پاکستان میں عدالتوں کے فیصلوں کے مطابق حکومت اور متعلقہ اداروں کو ہدایت کی گئی کہ وہ اپنی رپورٹ پیش کریں۔ سپریم کورٹ اور ہائی کورٹ کے احکامات کی روشنی میں درخواست گزار کی اپیل پر غور کیا گیا اور مزید کارروائی کے لیے آئندہ تاریخ مقرر کی گئی۔ عدالت نے قرار دیا کہ مقدمہ
بعدالت جناب محمد عامر سلطان صاحب سول جج فیملی کورٹ جہلم
دعویٰ تنسیخ نکاح — مدعیہ بنام مدعا علیہ۔ ہرگاہ کہ مقدمہ مندرجہ عنوان میں مدعا علیہ عام طریقہ سے تعمیل نہیں ہو سکی لہٰذا بذریعہ اشتہار اخبار ہذا مطلع کیا جاتا ہے کہ وہ بتاریخ 24/07/25 کو حاضر عدالت ہو کر پیروی کرے بصورت دیگر کارروائی یکطرفہ عمل میں لائی جائے گی۔
24/07/2025
مہر عدالت دستخط حاکم
بعدالت جناب محمد ثاقب صاحب سول جج درجہ اول LDA بلڈنگ ایوان عدل لاہور
دعویٰ استقرار حق — مدعی چوہدری غلام عباس بنام مدعا علیہ۔ ہرگاہ کہ مدعا علیہ کی تعمیل عام طریقہ سے نہ ہو سکی ہے لہٰذا اشتہار اخبار جاری کیا جاتا ہے کہ مورخہ 17-7-2025 کو اصالتاً یا وکالتاً حاضر عدالت ہو۔
17-7-2025
مہر عدالت 753 دستخط حاکم
بعدالت جناب وقاص مرتضیٰ جنجوعہ صاحب سول جج کورٹ نمبر جہلم
دعویٰ برائے ڈگری — درخواست نمبر 38/25 بنام فریق مخالف۔ بذریعہ اشتہار اطلاع دی جاتی ہے کہ مورخہ 19-7-2025 کو بوقت 8 بجے صبح اصالتاً یا وکالتاً حاضر عدالت ہو کر پیروی کرے ورنہ کارروائی یکطرفہ عمل میں لائی جائے گی۔
19-7-2025
مہر عدالت دستخط حاکم
تنقیحات	36
عدالت نے قرار دیا کہ مقدمہ کی سماعت کے دوران فریقین کے دلائل سنے گئے اور ریکارڈ کا جائزہ لینے کے بعد یہ امر سامنے آیا کہ قانون کے مطابق کارروائی عمل میں لائی جائے گی۔ پاکستان میں عدالتوں کے فیصلوں کے مطابق حکومت اور متعلقہ اداروں کو ہدایت کی گئی کہ وہ اپنی رپورٹ پیش کریں۔ سپریم کورٹ اور ہائی کورٹ کے احکامات کی روشنی میں درخواست گزار کی اپیل پر غور کیا گیا اور مزید کارروائی کے لیے آئندہ تاریخ مقرر کی گئی۔ عدالت نے قرار دیا کہ مقدمہ کی سماعت کے دوران فریقین کے دلائل سنے گئے اور ریکارڈ کا جائزہ لینے کے بعد یہ امر سامنے آیا کہ قانون کے مطابق کارروائی عمل میں لائی جائے گی۔ پاکستان میں عدالتوں کے فیصلوں کے مطابق حکومت اور متعلقہ اداروں کو ہدایت کی گئی کہ وہ اپنی رپورٹ پیش کریں۔ سپریم کورٹ اور ہائی کورٹ کے احکامات کی روشنی میں درخواست گزار کی اپیل پر غور کیا گیا اور مزید کارروائی کے لیے آئندہ تاریخ مقرر کی گئی۔ عدالت نے قرار دیا کہ مقدمہ
تنقیحات	37
عدالت نے قرار دیا کہ مقدمہ کی سماعت کے دوران فریقین کے دلائل سنے گئے اور ریکارڈ کا جائزہ لینے کے بعد یہ امر سامنے آیا کہ قانون کے مطابق کارروائی عمل میں لائی جائے گی۔ پاکستان میں عدالتوں کے فیصلوں کے مطابق حکومت اور متعلقہ اداروں کو ہدایت کی گئی کہ وہ اپنی رپورٹ پیش کریں۔ سپریم کورٹ اور ہائی کورٹ کے احکامات کی روشنی میں درخواست گزار کی اپیل پر غور کیا گیا اور مزید
تنقیحات	38
عدالت نے قرار دیا کہ مقدمہ کی سماعت کے دوران فریقین کے دلائل سنے گئے اور ریکارڈ کا جائزہ لینے کے بعد یہ امر سامنے آیا کہ قانون کے مطابق کارروائی عمل میں لائی جائے گی۔ پاکستان میں عدالتوں کے فیصلوں کے مطابق حکومت اور متعلقہ اداروں کو ہدایت کی گئی کہ وہ اپنی رپورٹ پیش کریں۔ سپریم کورٹ اور ہائی کورٹ کے احکامات کی روشنی میں درخواست گزار کی اپیل پر غور کیا گیا اور مزید کارروائی کے لیے آئندہ تاریخ مقرر کی گئی۔ عدالت نے قرار دیا کہ مقدمہ کی سماعت کے دوران فریقین کے دلائل سنے گئے اور ریکارڈ کا جائزہ لینے کے بعد یہ امر سامنے آیا کہ قانون کے مطابق کارروائی عمل میں لائی جائے گی۔ پاکستان میں عدالتوں کے فیصلوں کے مطابق حکومت اور متعلقہ اداروں کو ہدایت کی گئی کہ وہ اپنی رپورٹ پیش کریں۔ سپریم کورٹ اور ہائی کورٹ کے احکامات کی روشنی میں درخواست گزار کی اپیل پر غور کیا گیا اور مزید کارروائی کے لیے آئندہ تاریخ مقرر کی گئی۔ عدالت نے قرار دیا کہ مقدمہ
تنقیحات	39
عدالت نے قرار دیا کہ مقدمہ کی سماعت کے دوران فریقین کے دلائل سنے گئے اور ریکارڈ کا جائزہ لینے کے بعد یہ امر سامنے آیا کہ قانون کے مطابق کارروائی عمل میں لائی جائے گی۔ پاکستان میں عدالتوں کے
بعدالت جناب ساجد محمود صاحب سینئر سول جج فیملی ڈویژن ساہیوال
دعویٰ دلا پانے خرچہ نان نفقہ — فرزانہ بی بی وغیرہ بنام مدعا علیہ سکنہ چک نمبر 69/4R تحصیل و ضلع ساہیوال۔ ہرگاہ کہ مدعا علیہ کی تعمیل عام طریقہ سے نہ ہو سکی لہٰذا اشتہار دیا جاتا ہے کہ وہ 16-7-2025 کو حاضر عدالت ہو۔
16-7-2025
مہر عدالت دستخط حاکم
بعدالت جناب چوہدری فیاض الحسن صاحب ایڈیشنل ڈسٹرکٹ جج جہلم
درخواست نمبر 22/2 — دعویٰ استقرار حق۔ ہرگاہ کہ فریق مخالف کی تعمیل عام طریقہ سے نہ ہو سکی لہٰذا بذریعہ اشتہار مطلع کیا جاتا ہے کہ مورخہ 16-7-2025 کو بوقت 8 بجے صبح حاضر عدالت ہو۔
16-7-2025
مہر عدالت دستخط حاکم
بعدالت جناب عادل انیس صاحب سول جج درجہ اول رحیم یار خان
دعویٰ بنام NILL — دعویٰ مورخہ 19-03-2024۔ محمد اسلم بنام فریق مخالف۔ بذریعہ اشتہار اخبار ہذا مطلع کیا جاتا ہے کہ مورخہ 22-7-2025 کو بوقت 8 بجے صبح اصالتاً یا وکالتاً حاضر عدالت ہو۔
22-7-2025
مہر عدالت دستخط حاکم
تنقیحات	40
عدالت نے قرار دیا کہ مقدمہ کی سماعت کے دوران فریقین کے دلائل سنے گئے اور ریکارڈ کا جائزہ لینے کے بعد یہ امر سامنے آیا کہ قانون کے مطابق کارروائی عمل میں لائی جائے گی۔ پاکستان میں عدالتوں کے فیصلوں کے مطابق حکومت اور متعلقہ اداروں کو ہدایت کی گئی کہ وہ اپنی رپورٹ پیش کریں۔ سپریم کورٹ اور ہائی کورٹ کے احکامات کی روشنی میں درخواست گزار کی اپیل پر غور کیا گیا اور مزید کارروائی کے لیے آئندہ تاریخ مقرر کی گئی۔ عدالت نے قرار دیا کہ مقدمہ کی سماعت کے دوران فریقین کے دلائل سنے گئے اور ریکارڈ کا جائزہ لینے کے بعد یہ امر سامنے آیا کہ قانون کے مطابق کارروائی عمل میں لائی جائے گی۔ پاکستان میں عدالتوں کے فیصلوں کے مطابق حکومت اور متعلقہ اداروں کو ہدایت کی گئی کہ وہ اپنی رپورٹ پیش کریں۔ سپریم کورٹ اور ہائی کورٹ کے احکامات کی روشنی میں درخواست گزار کی اپیل پر غور کیا گیا اور مزید کارروائی کے لیے آئندہ تاریخ مقرر کی گئی۔ عدالت نے قرار دیا کہ مقدمہ کی سماعت کے دوران فریقین کے دلائل سنے گئے اور ریکارڈ کا جائزہ لینے کے بعد یہ امر سامنے آیا کہ
تنقیحات	41
عدالت نے قرار دیا کہ مقدمہ کی سماعت کے دوران فریقین کے دلائل سنے گئے اور ریکارڈ کا جائزہ لینے کے بعد یہ امر سامنے آیا کہ قانون کے مطابق کارروائی عمل میں لائی جائے گی۔ پاکستان میں عدالتوں کے فیصلوں کے مطابق حکومت اور متعلقہ اداروں کو ہدایت کی گئی کہ وہ اپنی رپورٹ پیش کریں۔ سپریم کورٹ اور ہائی کورٹ کے احکامات کی روشنی میں درخواست گزار کی اپیل پر غور کیا گیا اور مزید کارروائی کے لیے آئندہ تاریخ مقرر کی گئی۔ عدالت نے قرار دیا کہ مقدمہ کی سماعت کے دوران فریقین کے دلائل سنے گئے اور ریکارڈ کا جائزہ لینے کے بعد یہ امر سامنے آیا کہ قانون کے مطابق کارروائی عمل میں لائی جائے گی۔ پاکستان میں عدالتوں کے فیصلوں کے مطابق حکومت اور متعلقہ اداروں کو ہدایت کی گئی کہ وہ اپنی رپورٹ پیش کریں۔ سپریم کورٹ اور ہائی کورٹ کے احکامات کی روشنی میں درخواست گزار کی اپیل پر غور کیا گیا اور مزید کارروائی کے لیے آئندہ تاریخ مقرر کی گئی۔ عدالت نے قرار دیا کہ مقدمہ
تنقیحات	42
عدالت نے قرار دیا کہ مقدمہ کی سماعت کے دوران فریقین کے دلائل سنے گئے اور ریکارڈ کا جائزہ لینے کے بعد یہ امر سامنے آیا کہ قانون کے مطابق کارروائی عمل میں لائی جائے گی۔ پاکستان میں عدالتوں کے فیصلوں کے مطابق حکومت اور متعلقہ اداروں کو ہدایت کی گئی کہ وہ اپنی رپورٹ پیش کریں۔ سپریم کورٹ اور ہائی کورٹ کے احکامات کی روشنی میں درخواست گزار کی اپیل پر غور کیا گیا اور مزید کارروائی کے لیے آئندہ تاریخ مقرر کی گئی۔ عدالت نے قرار دیا کہ مقدمہ کی سماعت کے دوران فریقین کے دلائل سنے گئے اور ریکارڈ کا جائزہ لینے کے بعد یہ امر سامنے آیا کہ قانون کے مطابق کارروائی عمل میں لائی جائے گی۔ پاکستان میں عدالتوں کے فیصلوں کے مطابق حکومت اور متعلقہ اداروں کو ہدایت کی گئی کہ وہ اپنی رپورٹ پیش کریں۔ سپریم کورٹ اور ہائی کورٹ کے احکامات کی روشنی میں درخواست گزار
تنقیحات	43
عدالت نے قرار دیا کہ مقدمہ کی سماعت کے دوران فریقین کے دلائل سنے گئے اور ریکارڈ کا جائزہ لینے کے بعد یہ امر سامنے آیا کہ قانون کے مطابق کارروائی عمل میں لائی جائے گی۔ پاکستان میں عدالتوں کے فیصلوں کے مطابق حکومت اور متعلقہ اداروں کو ہدایت کی گئی کہ وہ اپنی رپورٹ پیش کریں۔ سپریم
تنقیحات	44
عدالت نے قرار دیا کہ مقدمہ کی سماعت کے دوران فریقین کے دلائل سنے گئے اور ریکارڈ کا جائزہ لینے کے بعد یہ امر سامنے آیا کہ قانون کے مطابق کارروائی عمل میں لائی جائے گی۔ پاکستان میں عدالتوں کے
بعدالت جناب سام اللہ صاحب فیملی جج کوٹ مومن ضلع سرگودھا
دعویٰ تنسیخ نکاح و دلا پانے خرچہ — مدعیہ بنام مدعا علیہ۔ ہرگاہ کہ مقدمہ مندرجہ عنوان بالا میں مدعا علیہ کی تعمیل عام طریقہ سے ممکن نہیں لہٰذا اشتہار دیا جاتا ہے کہ مورخہ 25-7-2025 کو حاضر عدالت ہو۔
25-7-2025
مہر عدالت دستخط حاکم
بعدالت جناب مبشر حسین اعوان صاحب سول جج درجہ اول فیصل آباد
دعویٰ استقرار حق — مسماۃ بنام مدعا علیہ سکنہ فیصل آباد۔ بذریعہ اشتہار مطلع کیا جاتا ہے کہ مورخہ 25-7-2025 کو بوقت 8 بجے صبح اصالتاً یا وکالتاً حاضر عدالت ہو کر پیروی کرے۔
25-7-2025
مہر عدالت دستخط حاکم
بعدالت جناب مبشر حسین اعوان صاحب سول جج درجہ اول فیصل آباد
دعویٰ استقرار حق — بنام مدعا علیہ۔ ہرگاہ کہ تعمیل عام طریقہ سے نہ ہو سکی لہٰذا اشتہار اخبار ہذا جاری کیا جاتا ہے کہ فریق مقررہ تاریخ پر حاضر عدالت ہو۔
مہر عدالت دستخط حاکم
تنقیحات	45
عدالت نے قرار دیا کہ مقدمہ کی سماعت کے دوران فریقین کے دلائل سنے گئے اور ریکارڈ کا جائزہ لینے کے بعد یہ امر سامنے آیا کہ قانون کے مطابق کارروائی عمل میں لائی جائے گی۔ پاکستان میں عدالتوں کے فیصلوں کے مطابق حکومت اور متعلقہ اداروں کو ہدایت کی گئی کہ وہ اپنی رپورٹ پیش کریں۔ سپریم کورٹ اور ہائی کورٹ کے احکامات کی روشنی میں درخواست گزار کی اپیل پر غور کیا گیا اور مزید کارروائی کے لیے آئندہ تاریخ مقرر کی گئی۔ عدالت نے قرار دیا کہ مقدمہ کی سماعت کے دوران فریقین کے دلائل سنے گئے اور ریکارڈ کا جائزہ لینے کے بعد یہ امر سامنے آیا کہ قانون کے مطابق کارروائی عمل میں لائی جائے گی۔ پاکستان میں عدالتوں کے فیصلوں کے مطابق حکومت اور متعلقہ اداروں کو ہدایت کی گئی کہ وہ اپنی رپورٹ پیش کریں۔ سپریم کورٹ اور ہائی کورٹ کے احکامات کی روشنی میں درخواست گزار کی اپیل پر غور کیا گیا اور مزید کارروائی کے لیے آئندہ تاریخ مقرر کی گئی۔ عدالت نے قرار دیا کہ مقدمہ کی سماعت کے دوران فریقین کے دلائل سنے گئے اور ریکارڈ کا جائزہ لینے کے بعد یہ امر سامنے آیا کہ
تنقیحات	46
عدالت نے قرار دیا کہ مقدمہ کی سماعت کے دوران فریقین کے دلائل سنے گئے اور ریکارڈ کا جائزہ لینے کے بعد یہ امر سامنے آیا کہ قانون کے مطابق کارروائی عمل میں لائی جائے گی۔ پاکستان میں عدالتوں کے فیصلوں کے مطابق حکومت اور متعلقہ اداروں کو ہدایت کی گئی کہ وہ اپنی رپورٹ پیش کریں۔ سپریم کورٹ اور ہائی کورٹ کے احکامات کی روشنی میں درخواست گزار کی اپیل پر غور کیا گیا اور مزید کارروائی کے لیے آئندہ تاریخ مقرر کی گئی۔ عدالت نے قرار دیا کہ مقدمہ کی سماعت کے دوران فریقین کے دلائل سنے گئے اور ریکارڈ کا جائزہ لینے کے بعد یہ امر سامنے آیا کہ قانون کے مطابق کارروائی عمل میں لائی جائے گی۔ پاکستان میں عدالتوں کے فیصلوں کے مطابق حکومت اور متعلقہ اداروں کو ہدایت کی گئی کہ وہ اپنی رپورٹ پیش کریں۔ سپریم کورٹ اور ہائی کورٹ کے احکامات کی روشنی میں درخواست گزار کی اپیل پر غور کیا گیا اور مزید کارروائی کے لیے آئندہ تاریخ مقرر کی گئی۔ عدالت نے قرار دیا کہ مقدمہ
تنقیحات	47
عدالت نے قرار دیا کہ مقدمہ کی سماعت کے دوران فریقین کے دلائل سنے گئے اور ریکارڈ کا جائزہ لینے کے بعد یہ امر سامنے آیا کہ قانون کے مطابق کارروائی عمل میں لائی جائے گی۔ پاکستان میں عدالتوں کے فیصلوں کے مطابق حکومت اور متعلقہ اداروں کو ہدایت کی گئی کہ وہ اپنی رپورٹ پیش کریں۔ سپریم کورٹ اور ہائی کورٹ کے احکامات کی روشنی میں درخواست گزار کی اپیل پر غور کیا گیا اور مزید کارروائی کے لیے آئندہ تاریخ مقرر کی گئی۔ عدالت نے قرار دیا کہ مقدمہ کی سماعت کے دوران فریقین کے دلائل سنے گئے اور ریکارڈ کا جائزہ لینے کے بعد یہ امر سامنے آیا کہ قانون کے مطابق کارروائی عمل میں لائی جائے گی۔ پاکستان میں عدالتوں کے فیصلوں کے مطابق حکومت اور متعلقہ اداروں کو ہدایت کی گئی
تنقیحات	48
عدالت نے قرار دیا کہ مقدمہ کی سماعت کے دوران فریقین کے دلائل سنے گئے اور ریکارڈ کا جائزہ لینے کے بعد یہ امر سامنے آیا کہ قانون کے مطابق کارروائی عمل میں لائی جائے گی۔ پاکستان میں عدالتوں کے فیصلوں کے مطابق حکومت اور متعلقہ اداروں کو ہدایت کی گئی کہ وہ اپنی رپورٹ پیش کریں۔ سپریم کورٹ اور ہائی کورٹ کے احکامات کی روشنی میں درخواست گزار کی اپیل پر غور کیا گیا اور مزید کارروائی کے لیے آئندہ تاریخ مقرر کی گئی۔ عدالت نے قرار دیا کہ مقدمہ کی سماعت کے دوران فریقین کے دلائل سنے گئے اور ریکارڈ کا جائزہ لینے کے بعد یہ امر سامنے آیا کہ قانون کے مطابق کارروائی عمل میں لائی جائے گی۔ پاکستان میں عدالتوں کے فیصلوں کے مطابق حکومت اور متعلقہ اداروں کو ہدایت کی گئی کہ وہ اپنی رپورٹ پیش کریں۔ سپریم کورٹ اور ہائی کورٹ کے احکامات کی روشنی میں درخواست گزار
تنقیحات	49
عدالت نے قرار دیا کہ مقدمہ کی سماعت کے دوران فریقین کے دلائل سنے گئے اور ریکارڈ کا جائزہ لینے کے بعد یہ امر سامنے آیا کہ قانون کے مطابق کارروائی عمل میں لائی جائے گی۔ پاکستان میں عدالتوں کے
